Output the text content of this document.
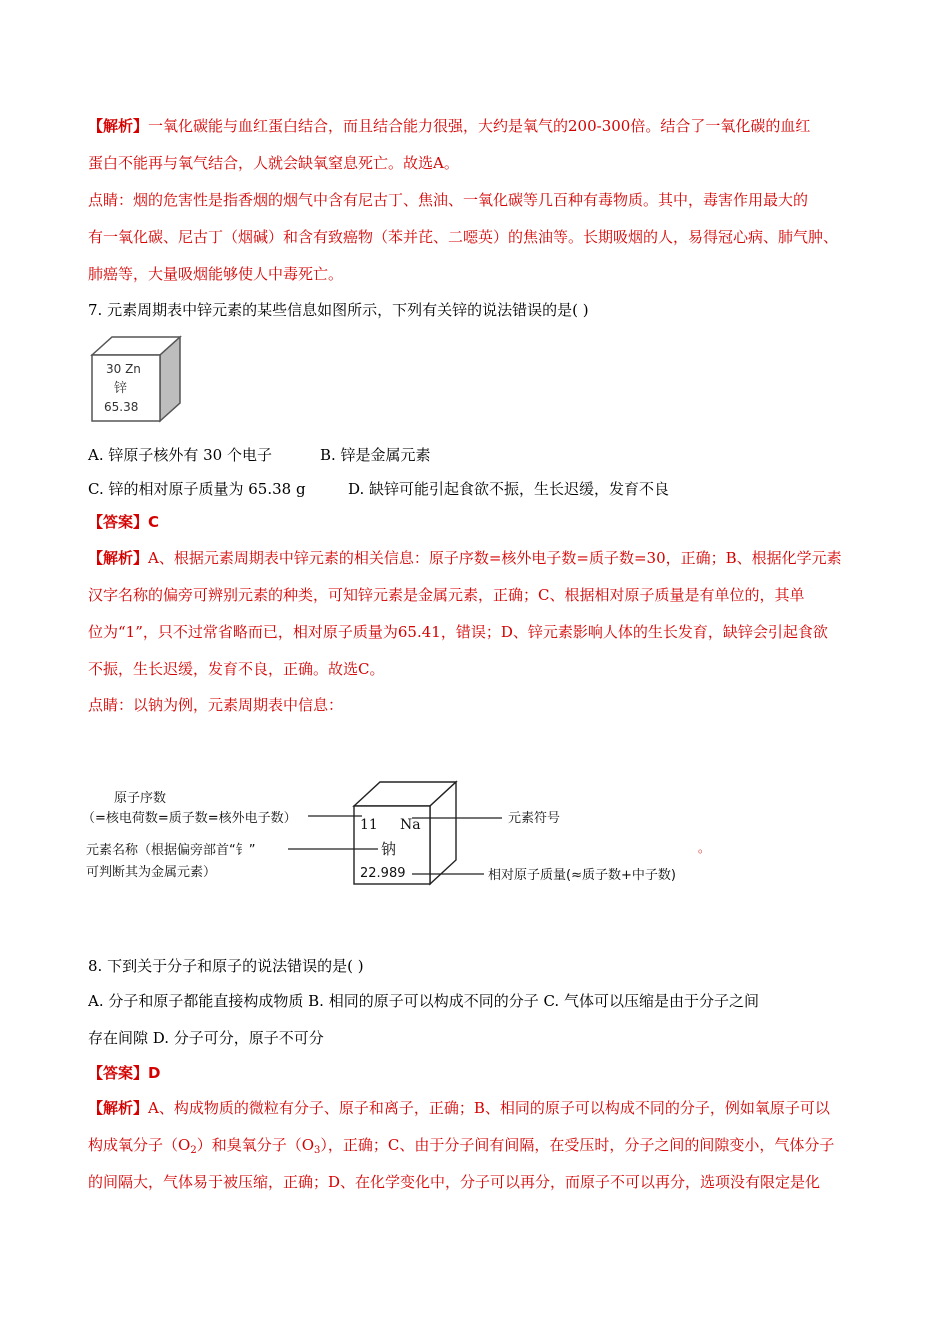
【解析】一氧化碳能与血红蛋白结合，而且结合能力很强，大约是氧气的200-300倍。结合了一氧化碳的血红
蛋白不能再与氧气结合，人就会缺氧窒息死亡。故选A。
点睛：烟的危害性是指香烟的烟气中含有尼古丁、焦油、一氧化碳等几百种有毒物质。其中，毒害作用最大的
有一氧化碳、尼古丁（烟碱）和含有致癌物（苯并芘、二噁英）的焦油等。长期吸烟的人，易得冠心病、肺气肿、
肺癌等，大量吸烟能够使人中毒死亡。
7. 元素周期表中锌元素的某些信息如图所示，下列有关锌的说法错误的是( )
30 Zn
锌
65.38
A. 锌原子核外有 30 个电子	B. 锌是金属元素
C. 锌的相对原子质量为 65.38 g	D. 缺锌可能引起食欲不振，生长迟缓，发育不良
【答案】C
【解析】A、根据元素周期表中锌元素的相关信息：原子序数=核外电子数=质子数=30，正确；B、根据化学元素
汉字名称的偏旁可辨别元素的种类，可知锌元素是金属元素，正确；C、根据相对原子质量是有单位的，其单
位为“1”，只不过常省略而已，相对原子质量为65.41，错误；D、锌元素影响人体的生长发育，缺锌会引起食欲
不振，生长迟缓，发育不良，正确。故选C。
点睛：以钠为例，元素周期表中信息：
11 Na
钠
22.989
原子序数
（=核电荷数=质子数=核外电子数）
元素名称（根据偏旁部首“钅”
可判断其为金属元素）
元素符号
相对原子质量(≈质子数+中子数)
。
8. 下到关于分子和原子的说法错误的是( )
A. 分子和原子都能直接构成物质 B. 相同的原子可以构成不同的分子 C. 气体可以压缩是由于分子之间
存在间隙 D. 分子可分，原子不可分
【答案】D
【解析】A、构成物质的微粒有分子、原子和离子，正确；B、相同的原子可以构成不同的分子，例如氧原子可以
构成氧分子$(O_2)$和臭氧分子$(O_3)$，正确；C、由于分子间有间隔，在受压时，分子之间的间隙变小，气体分子
的间隔大，气体易于被压缩，正确；D、在化学变化中，分子可以再分，而原子不可以再分，选项没有限定是化
